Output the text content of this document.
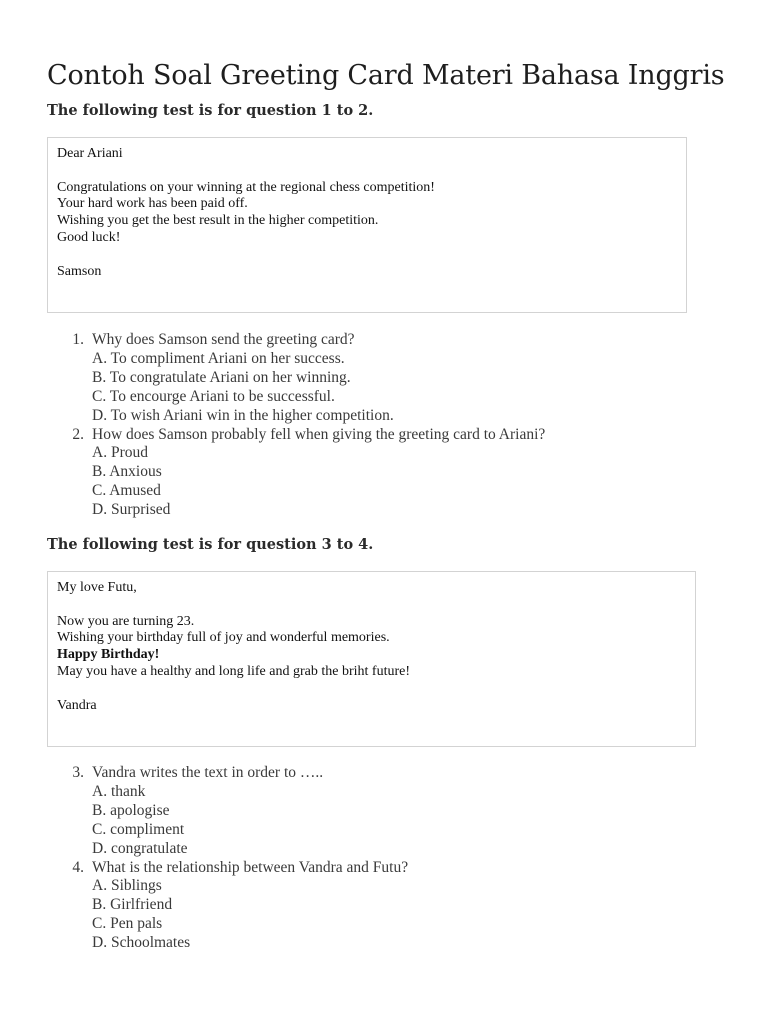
Contoh Soal Greeting Card Materi Bahasa Inggris
The following test is for question 1 to 2.
Dear Ariani
Congratulations on your winning at the regional chess competition!
Your hard work has been paid off.
Wishing you get the best result in the higher competition.
Good luck!
Samson
1. Why does Samson send the greeting card?
A. To compliment Ariani on her success.
B. To congratulate Ariani on her winning.
C. To encourge Ariani to be successful.
D. To wish Ariani win in the higher competition.
2. How does Samson probably fell when giving the greeting card to Ariani?
A. Proud
B. Anxious
C. Amused
D. Surprised
The following test is for question 3 to 4.
My love Futu,
Now you are turning 23.
Wishing your birthday full of joy and wonderful memories.
Happy Birthday!
May you have a healthy and long life and grab the briht future!
Vandra
3. Vandra writes the text in order to …..
A. thank
B. apologise
C. compliment
D. congratulate
4. What is the relationship between Vandra and Futu?
A. Siblings
B. Girlfriend
C. Pen pals
D. Schoolmates
